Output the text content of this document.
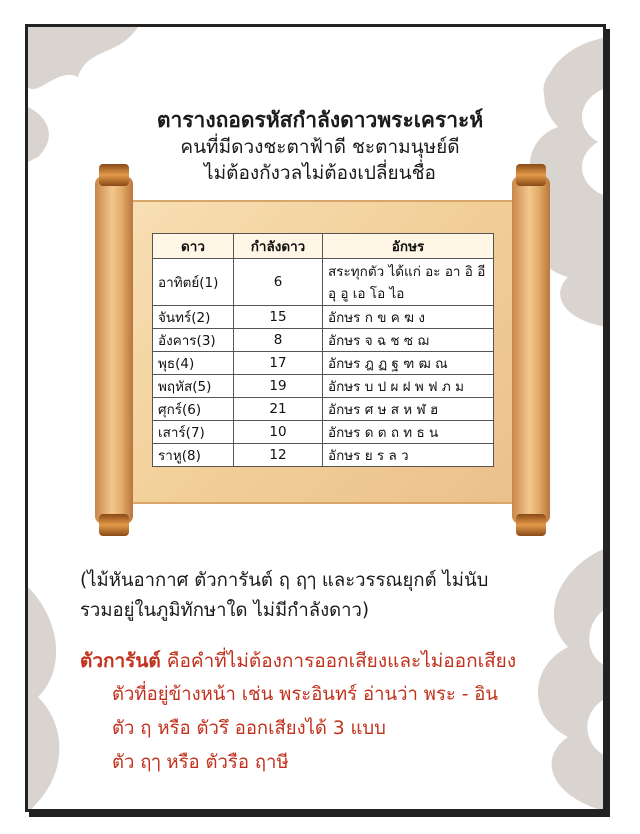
ตารางถอดรหัสกำลังดาวพระเคราะห์
คนที่มีดวงชะตาฟ้าดี ชะตามนุษย์ดี
ไม่ต้องกังวลไม่ต้องเปลี่ยนชื่อ
ดาว	กำลังดาว	อักษร
อาทิตย์(1)	6	สระทุกตัว ได้แก่ อะ อา อิ อี
อุ อู เอ โอ ไอ

จันทร์(2)	15	อักษร ก ข ค ฆ ง
อังคาร(3)	8	อักษร จ ฉ ช ซ ฌ
พุธ(4)	17	อักษร ฎ ฏ ฐ ฑ ฒ ณ
พฤหัส(5)	19	อักษร บ ป ผ ฝ พ ฟ ภ ม
ศุกร์(6)	21	อักษร ศ ษ ส ห ฬ ฮ
เสาร์(7)	10	อักษร ด ต ถ ท ธ น
ราหู(8)	12	อักษร ย ร ล ว
(ไม้หันอากาศ ตัวการันต์ ฤ ฤๅ และวรรณยุกต์ ไม่นับ
รวมอยู่ในภูมิทักษาใด ไม่มีกำลังดาว)
ตัวการันต์ คือคำที่ไม่ต้องการออกเสียงและไม่ออกเสียง
ตัวที่อยู่ข้างหน้า เช่น พระอินทร์ อ่านว่า พระ - อิน
ตัว ฤ หรือ ตัวรึ ออกเสียงได้ 3 แบบ
ตัว ฤๅ หรือ ตัวรือ ฤาษี
